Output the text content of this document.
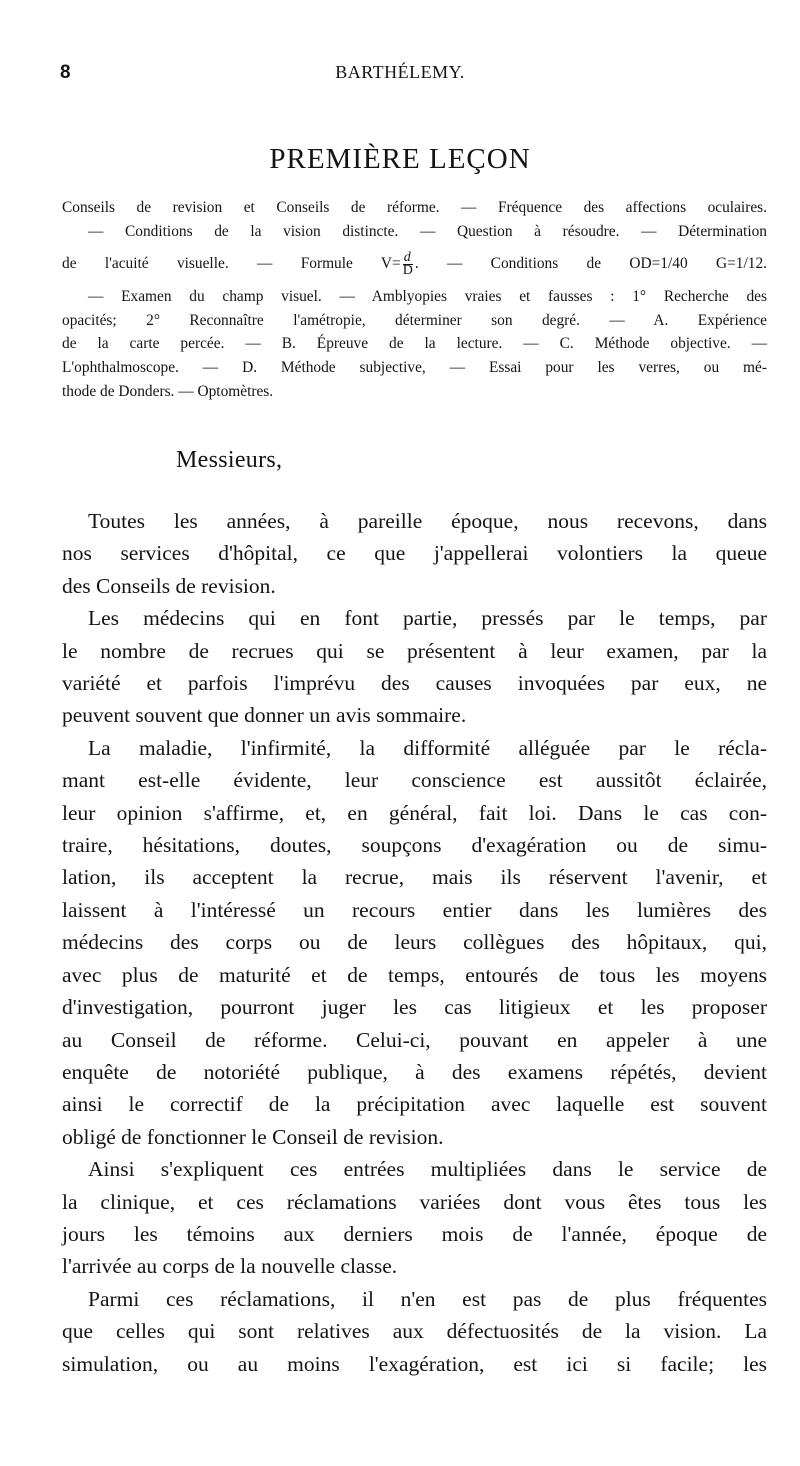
8	BARTHÉLEMY.
PREMIÈRE LEÇON
Conseils de revision et Conseils de réforme. — Fréquence des affections oculaires.
— Conditions de la vision distincte. — Question à résoudre. — Détermination
de l'acuité visuelle. — Formule $V= \frac{d}{D}$ . — Conditions de OD=1/40 G=1/12.
— Examen du champ visuel. — Amblyopies vraies et fausses : 1° Recherche des
opacités; 2° Reconnaître l'amétropie, déterminer son degré. — A. Expérience
de la carte percée. — B. Épreuve de la lecture. — C. Méthode objective. —
L'ophthalmoscope. — D. Méthode subjective, — Essai pour les verres, ou mé-
thode de Donders. — Optomètres.
Messieurs,
Toutes les années, à pareille époque, nous recevons, dans
nos services d'hôpital, ce que j'appellerai volontiers la queue
des Conseils de revision.
Les médecins qui en font partie, pressés par le temps, par
le nombre de recrues qui se présentent à leur examen, par la
variété et parfois l'imprévu des causes invoquées par eux, ne
peuvent souvent que donner un avis sommaire.
La maladie, l'infirmité, la difformité alléguée par le récla-
mant est-elle évidente, leur conscience est aussitôt éclairée,
leur opinion s'affirme, et, en général, fait loi. Dans le cas con-
traire, hésitations, doutes, soupçons d'exagération ou de simu-
lation, ils acceptent la recrue, mais ils réservent l'avenir, et
laissent à l'intéressé un recours entier dans les lumières des
médecins des corps ou de leurs collègues des hôpitaux, qui,
avec plus de maturité et de temps, entourés de tous les moyens
d'investigation, pourront juger les cas litigieux et les proposer
au Conseil de réforme. Celui-ci, pouvant en appeler à une
enquête de notoriété publique, à des examens répétés, devient
ainsi le correctif de la précipitation avec laquelle est souvent
obligé de fonctionner le Conseil de revision.
Ainsi s'expliquent ces entrées multipliées dans le service de
la clinique, et ces réclamations variées dont vous êtes tous les
jours les témoins aux derniers mois de l'année, époque de
l'arrivée au corps de la nouvelle classe.
Parmi ces réclamations, il n'en est pas de plus fréquentes
que celles qui sont relatives aux défectuosités de la vision. La
simulation, ou au moins l'exagération, est ici si facile; les
